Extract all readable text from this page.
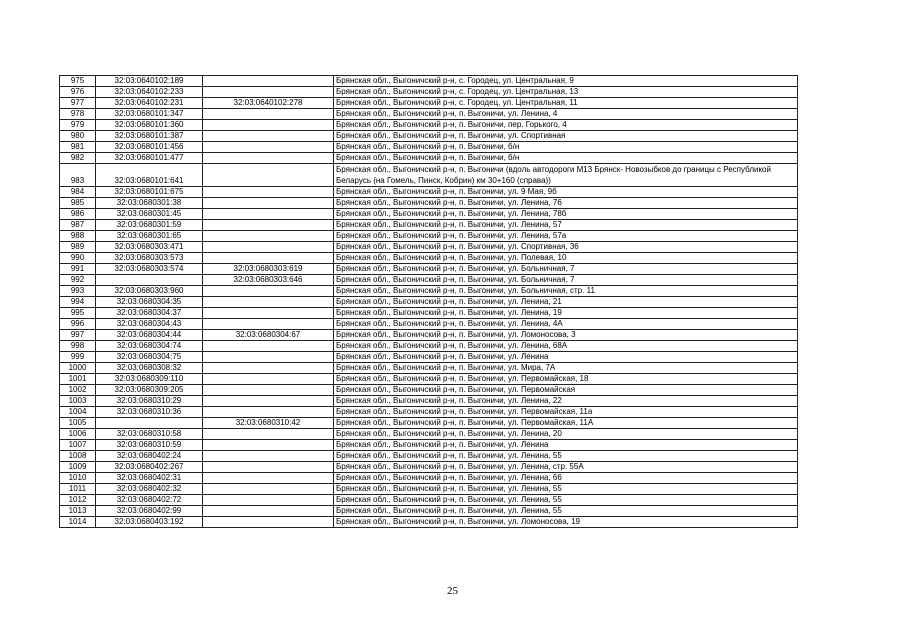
975	32:03:0640102:189		Брянская обл., Выгоничский р-н, с. Городец, ул. Центральная, 9
976	32:03:0640102:233		Брянская обл., Выгоничский р-н, с. Городец, ул. Центральная, 13
977	32:03:0640102:231	32:03:0640102:278	Брянская обл., Выгоничский р-н, с. Городец, ул. Центральная, 11
978	32:03:0680101:347		Брянская обл., Выгоничский р-н, п. Выгоничи, ул. Ленина, 4
979	32:03:0680101:360		Брянская обл., Выгоничский р-н, п. Выгоничи, пер. Горького, 4
980	32:03:0680101:387		Брянская обл., Выгоничский р-н, п. Выгоничи, ул. Спортивная
981	32:03:0680101:456		Брянская обл., Выгоничский р-н, п. Выгоничи, б/н
982	32:03:0680101:477		Брянская обл., Выгоничский р-н, п. Выгоничи, б/н
983	32:03:0680101:641		Брянская обл., Выгоничский р-н, п. Выгоничи (вдоль автодороги М13 Брянск- Новозыбков до границы с Республикой Беларусь (на Гомель, Пинск, Кобрин) км 30+160 (справа))
984	32:03:0680101:675		Брянская обл., Выгоничский р-н, п. Выгоничи, ул. 9 Мая, 9б
985	32:03:0680301:38		Брянская обл., Выгоничский р-н, п. Выгоничи, ул. Ленина, 76
986	32:03:0680301:45		Брянская обл., Выгоничский р-н, п. Выгоничи, ул. Ленина, 78б
987	32:03:0680301:59		Брянская обл., Выгоничский р-н, п. Выгоничи, ул. Ленина, 57
988	32:03:0680301:65		Брянская обл., Выгоничский р-н, п. Выгоничи, ул. Ленина, 57а
989	32:03:0680303:471		Брянская обл., Выгоничский р-н, п. Выгоничи, ул. Спортивная, 36
990	32:03:0680303:573		Брянская обл., Выгоничский р-н, п. Выгоничи, ул. Полевая, 10
991	32:03:0680303:574	32:03:0680303:619	Брянская обл., Выгоничский р-н, п. Выгоничи, ул. Больничная, 7
992		32:03:0680303:646	Брянская обл., Выгоничский р-н, п. Выгоничи, ул. Больничная, 7
993	32:03:0680303:960		Брянская обл., Выгоничский р-н, п. Выгоничи, ул. Больничная, стр. 11
994	32:03:0680304:35		Брянская обл., Выгоничский р-н, п. Выгоничи, ул. Ленина, 21
995	32:03:0680304:37		Брянская обл., Выгоничский р-н, п. Выгоничи, ул. Ленина, 19
996	32:03:0680304:43		Брянская обл., Выгоничский р-н, п. Выгоничи, ул. Ленина, 4А
997	32:03:0680304:44	32:03:0680304:67	Брянская обл., Выгоничский р-н, п. Выгоничи, ул. Ломоносова, 3
998	32:03:0680304:74		Брянская обл., Выгоничский р-н, п. Выгоничи, ул. Ленина, 68А
999	32:03:0680304:75		Брянская обл., Выгоничский р-н, п. Выгоничи, ул. Ленина
1000	32:03:0680308:32		Брянская обл., Выгоничский р-н, п. Выгоничи, ул. Мира, 7А
1001	32:03:0680309:110		Брянская обл., Выгоничский р-н, п. Выгоничи, ул. Первомайская, 18
1002	32:03:0680309:205		Брянская обл., Выгоничский р-н, п. Выгоничи, ул. Первомайская
1003	32:03:0680310:29		Брянская обл., Выгоничский р-н, п. Выгоничи, ул. Ленина, 22
1004	32:03:0680310:36		Брянская обл., Выгоничский р-н, п. Выгоничи, ул. Первомайская, 11а
1005		32:03:0680310:42	Брянская обл., Выгоничский р-н, п. Выгоничи, ул. Первомайская, 11А
1006	32:03:0680310:58		Брянская обл., Выгоничский р-н, п. Выгоничи, ул. Ленина, 20
1007	32:03:0680310:59		Брянская обл., Выгоничский р-н, п. Выгоничи, ул. Ленина
1008	32:03:0680402:24		Брянская обл., Выгоничский р-н, п. Выгоничи, ул. Ленина, 55
1009	32:03:0680402:267		Брянская обл., Выгоничский р-н, п. Выгоничи, ул. Ленина, стр. 55А
1010	32:03:0680402:31		Брянская обл., Выгоничский р-н, п. Выгоничи, ул. Ленина, 66
1011	32:03:0680402:32		Брянская обл., Выгоничский р-н, п. Выгоничи, ул. Ленина, 55
1012	32:03:0680402:72		Брянская обл., Выгоничский р-н, п. Выгоничи, ул. Ленина, 55
1013	32:03:0680402:99		Брянская обл., Выгоничский р-н, п. Выгоничи, ул. Ленина, 55
1014	32:03:0680403:192		Брянская обл., Выгоничский р-н, п. Выгоничи, ул. Ломоносова, 19
25
